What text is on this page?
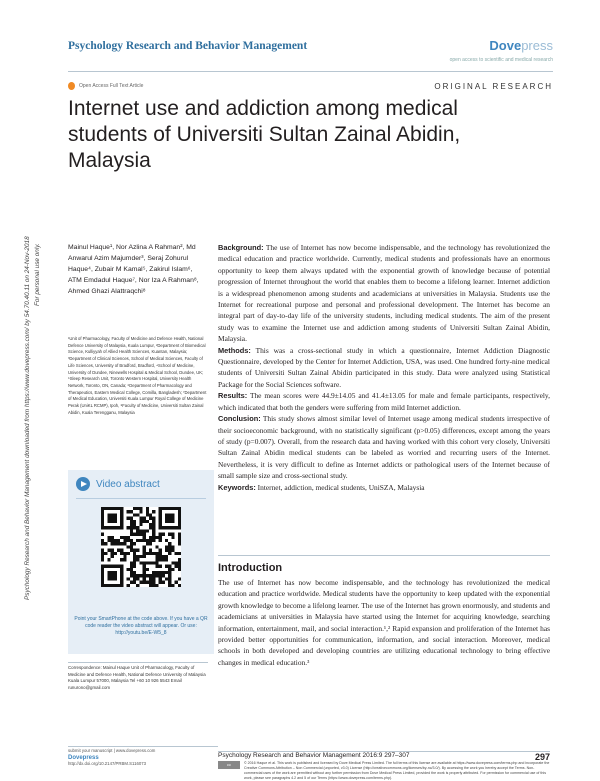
Psychology Research and Behavior Management	Dovepress
open access to scientific and medical research
Open Access Full Text Article	ORIGINAL RESEARCH
Internet use and addiction among medical students of Universiti Sultan Zainal Abidin, Malaysia
Psychology Research and Behavior Management downloaded from https://www.dovepress.com/ by 54.70.40.11 on 24-Nov-2018 For personal use only.	Mainul Haque¹, Nor Azlina A Rahman², Md Anwarul Azim Majumder³, Seraj Zohurul Haque⁴, Zubair M Kamal⁵, Zakirul Islam⁶, ATM Emdadul Haque⁷, Nor Iza A Rahman⁸, Ahmed Ghazi Alattraqchi⁸
¹Unit of Pharmacology, Faculty of Medicine and Defence Health, National Defence University of Malaysia, Kuala Lumpur, ²Department of Biomedical Science, Kulliyyah of Allied Health Sciences, Kuantan, Malaysia; ³Department of Clinical Sciences, School of Medical Sciences, Faculty of Life Sciences, University of Bradford, Bradford, ⁴School of Medicine, University of Dundee, Ninewells Hospital & Medical School, Dundee, UK; ⁵Sleep Research Unit, Toronto Western Hospital, University Health Network, Toronto, ON, Canada; ⁶Department of Pharmacology and Therapeutics, Eastern Medical College, Comilla, Bangladesh; ⁷Department of Medical Education, Universiti Kuala Lumpur Royal College of Medicine Perak (UniKL RCMP), Ipoh, ⁸Faculty of Medicine, Universiti Sultan Zainal Abidin, Kuala Terengganu, Malaysia
Video abstract
Point your SmartPhone at the code above. If you have a QR code reader the video abstract will appear. Or use: http://youtu.be/E-W5_8
Correspondence: Mainul Haque Unit of Pharmacology, Faculty of Medicine and Defence Health, National Defence University of Malaysia Kuala Lumpur 57000, Malaysia Tel +60 10 926 5543 Email runurono@gmail.com
submit your manuscript | www.dovepress.com
Dovepress
http://dx.doi.org/10.2147/PRBM.S116073

Background: The use of Internet has now become indispensable, and the technology has revolutionized the medical education and practice worldwide. Currently, medical students and professionals have an enormous opportunity to keep them always updated with the exponential growth of knowledge because of potential progression of Internet throughout the world that enables them to become a lifelong learner. Internet addiction is a widespread phenomenon among students and academicians at universities in Malaysia. Students use the Internet for recreational purpose and personal and professional development. The Internet has become an integral part of day-to-day life of the university students, including medical students. The aim of the present study was to examine the Internet use and addiction among students of Universiti Sultan Zainal Abidin, Malaysia.

Methods: This was a cross-sectional study in which a questionnaire, Internet Addiction Diagnostic Questionnaire, developed by the Center for Internet Addiction, USA, was used. One hundred forty-nine medical students of Universiti Sultan Zainal Abidin participated in this study. Data were analyzed using Statistical Package for the Social Sciences software.

Results: The mean scores were 44.9±14.05 and 41.4±13.05 for male and female participants, respectively, which indicated that both the genders were suffering from mild Internet addiction.

Conclusion: This study shows almost similar level of Internet usage among medical students irrespective of their socioeconomic background, with no statistically significant (p>0.05) differences, except among the years of study (p=0.007). Overall, from the research data and having worked with this cohort very closely, Universiti Sultan Zainal Abidin medical students can be labeled as worried and recurring users of the Internet. Nevertheless, it is very difficult to define as Internet addicts or pathological users of the Internet because of small sample size and cross-sectional study.

Keywords: Internet, addiction, medical students, UniSZA, Malaysia

Introduction
The use of Internet has now become indispensable, and the technology has revolutionized the medical education and practice worldwide. Medical students have the opportunity to keep updated with the exponential growth knowledge to become a lifelong learner. The use of the Internet has grown enormously, and students and academicians at universities in Malaysia have started using the Internet for acquiring knowledge, searching information, entertainment, mail, and social interaction.¹,² Rapid expansion and proliferation of the Internet has provided better opportunities for communication, information, and social interaction. Moreover, medical schools in both developed and developing countries are utilizing educational technology to bring effective changes in medical education.³
Psychology Research and Behavior Management 2016:9 297–307	297
cc	© 2016 Haque et al. This work is published and licensed by Dove Medical Press Limited. The full terms of this license are available at https://www.dovepress.com/terms.php and incorporate the Creative Commons Attribution – Non Commercial (unported, v3.0) License (http://creativecommons.org/licenses/by-nc/3.0/). By accessing the work you hereby accept the Terms. Non-commercial uses of the work are permitted without any further permission from Dove Medical Press Limited, provided the work is properly attributed. For permission for commercial use of this work, please see paragraphs 4.2 and 5 of our Terms (https://www.dovepress.com/terms.php).
